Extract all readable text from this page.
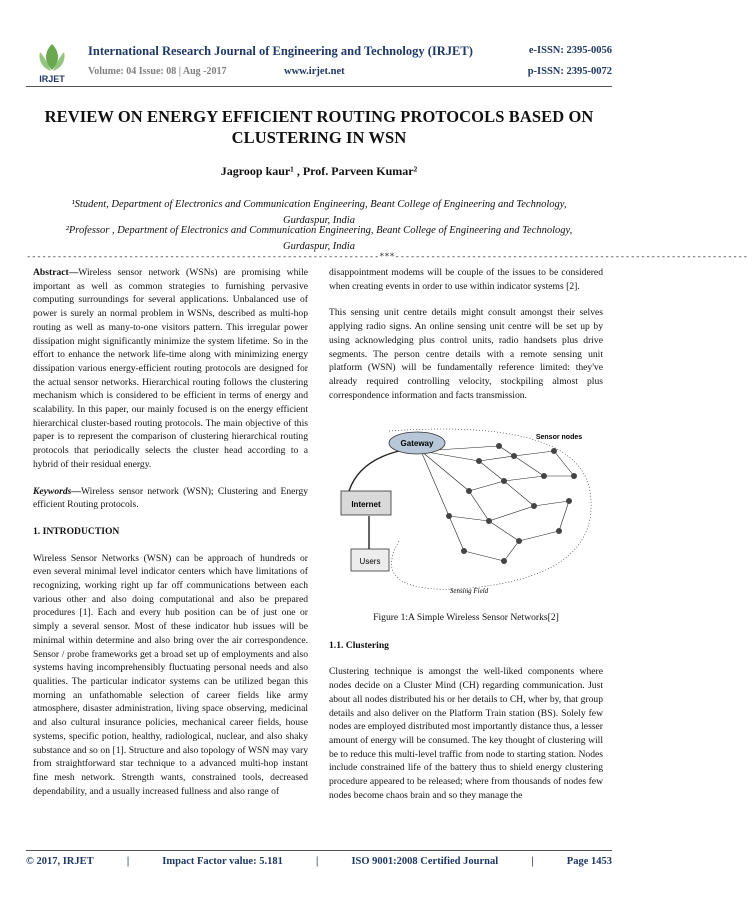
IRJET
International Research Journal of Engineering and Technology (IRJET)	e-ISSN: 2395-0056
Volume: 04 Issue: 08 | Aug -2017	www.irjet.net	p-ISSN: 2395-0072
REVIEW ON ENERGY EFFICIENT ROUTING PROTOCOLS BASED ON
CLUSTERING IN WSN
Jagroop kaur¹ , Prof. Parveen Kumar²
¹Student, Department of Electronics and Communication Engineering, Beant College of Engineering and Technology, Gurdaspur, India
²Professor , Department of Electronics and Communication Engineering, Beant College of Engineering and Technology, Gurdaspur, India
---------------------------------------------------------------------***---------------------------------------------------------------------

Abstract—Wireless sensor network (WSNs) are promising while important as well as common strategies to furnishing pervasive computing surroundings for several applications. Unbalanced use of power is surely an normal problem in WSNs, described as multi-hop routing as well as many-to-one visitors pattern. This irregular power dissipation might significantly minimize the system lifetime. So in the effort to enhance the network life-time along with minimizing energy dissipation various energy-efficient routing protocols are designed for the actual sensor networks. Hierarchical routing follows the clustering mechanism which is considered to be efficient in terms of energy and scalability. In this paper, our mainly focused is on the energy efficient hierarchical cluster-based routing protocols. The main objective of this paper is to represent the comparison of clustering hierarchical routing protocols that periodically selects the cluster head according to a hybrid of their residual energy.

Keywords—Wireless sensor network (WSN); Clustering and Energy efficient Routing protocols.

1. INTRODUCTION

Wireless Sensor Networks (WSN) can be approach of hundreds or even several minimal level indicator centers which have limitations of recognizing, working right up far off communications between each various other and also doing computational and also be prepared procedures [1]. Each and every hub position can be of just one or simply a several sensor. Most of these indicator hub issues will be minimal within determine and also bring over the air correspondence. Sensor / probe frameworks get a broad set up of employments and also systems having incomprehensibly fluctuating personal needs and also qualities. The particular indicator systems can be utilized began this morning an unfathomable selection of career fields like army atmosphere, disaster administration, living space observing, medicinal and also cultural insurance policies, mechanical career fields, house systems, specific potion, healthy, radiological, nuclear, and also shaky substance and so on [1]. Structure and also topology of WSN may vary from straightforward star technique to a advanced multi-hop instant fine mesh network. Strength wants, constrained tools, decreased dependability, and a usually increased fullness and also range of

disappointment modems will be couple of the issues to be considered when creating events in order to use within indicator systems [2].

This sensing unit centre details might consult amongst their selves applying radio signs. An online sensing unit centre will be set up by using acknowledging plus control units, radio handsets plus drive segments. The person centre details with a remote sensing unit platform (WSN) will be fundamentally reference limited: they've already required controlling velocity, stockpiling almost plus correspondence information and facts transmission.

Gateway
Sensor nodes
Internet
Users
Sensing Field
Figure 1:A Simple Wireless Sensor Networks[2]
1.1. Clustering

Clustering technique is amongst the well-liked components where nodes decide on a Cluster Mind (CH) regarding communication. Just about all nodes distributed his or her details to CH, wher by, that group details and also deliver on the Platform Train station (BS). Solely few nodes are employed distributed most importantly distance thus, a lesser amount of energy will be consumed. The key thought of clustering will be to reduce this multi-level traffic from node to starting station. Nodes include constrained life of the battery thus to shield energy clustering procedure appeared to be released; where from thousands of nodes few nodes become chaos brain and so they manage the

© 2017, IRJET	|	Impact Factor value: 5.181	|	ISO 9001:2008 Certified Journal	|	Page 1453
